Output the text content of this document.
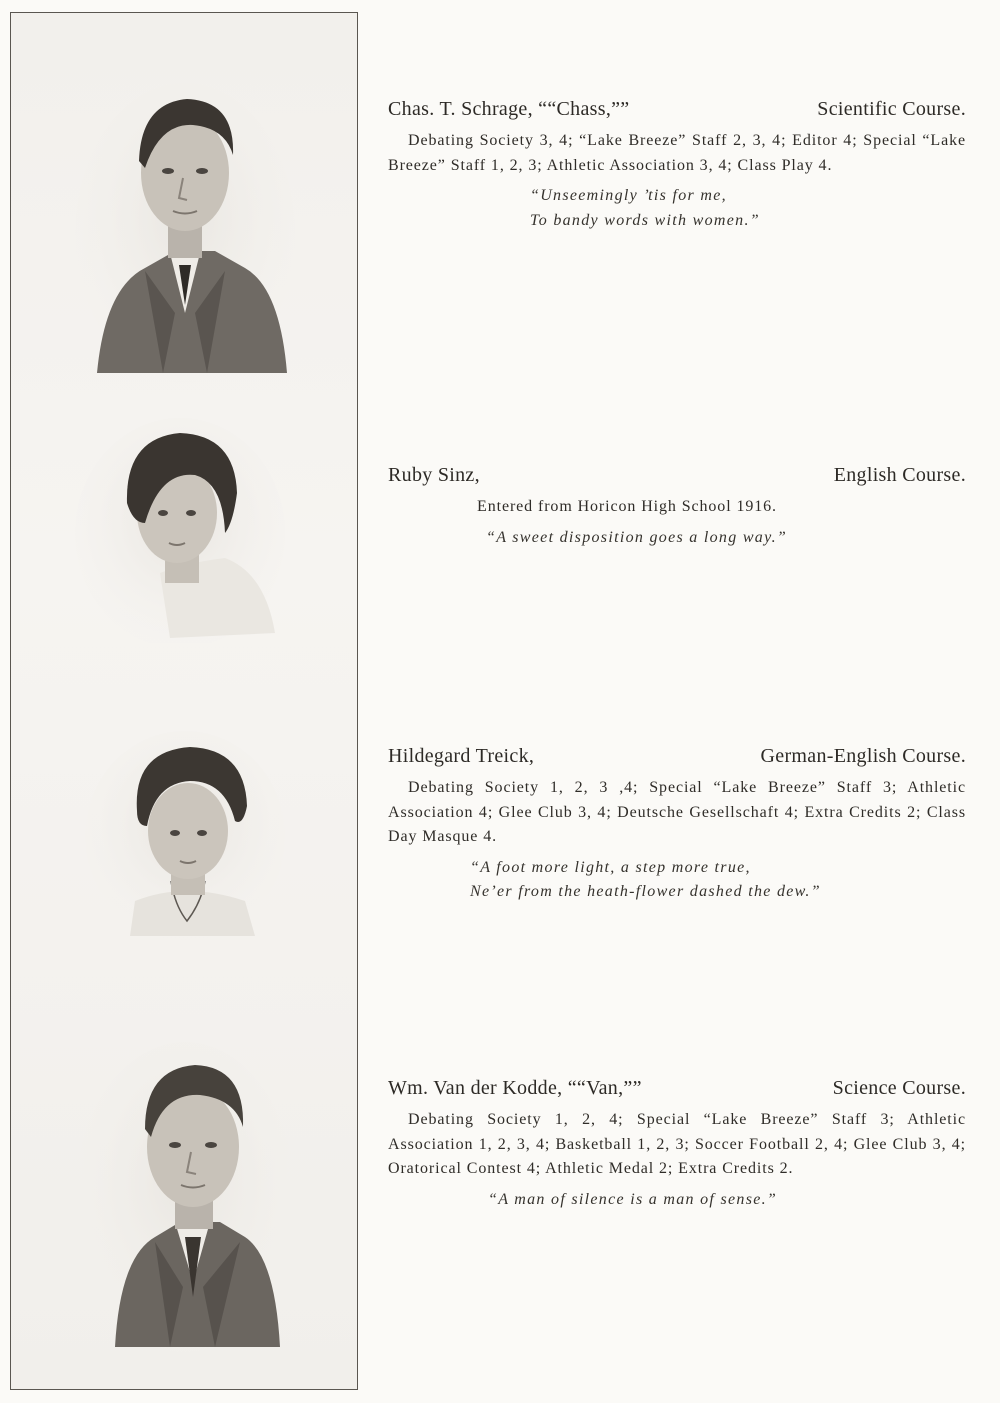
Chas. T. Schrage, ““Chass,””	Scientific Course.
Debating Society 3, 4; “Lake Breeze” Staff 2, 3, 4; Editor 4; Special “Lake Breeze” Staff 1, 2, 3; Athletic Association 3, 4; Class Play 4.
“Unseemingly ’tis for me,
To bandy words with women.”
Ruby Sinz,	English Course.
Entered from Horicon High School 1916.
“A sweet disposition goes a long way.”
Hildegard Treick,	German-English Course.
Debating Society 1, 2, 3 ,4; Special “Lake Breeze” Staff 3; Athletic Association 4; Glee Club 3, 4; Deutsche Gesellschaft 4; Extra Credits 2; Class Day Masque 4.
“A foot more light, a step more true,
Ne’er from the heath-flower dashed the dew.”
Wm. Van der Kodde, ““Van,””	Science Course.
Debating Society 1, 2, 4; Special “Lake Breeze” Staff 3; Athletic Association 1, 2, 3, 4; Basketball 1, 2, 3; Soccer Football 2, 4; Glee Club 3, 4; Oratorical Contest 4; Athletic Medal 2; Extra Credits 2.
“A man of silence is a man of sense.”
